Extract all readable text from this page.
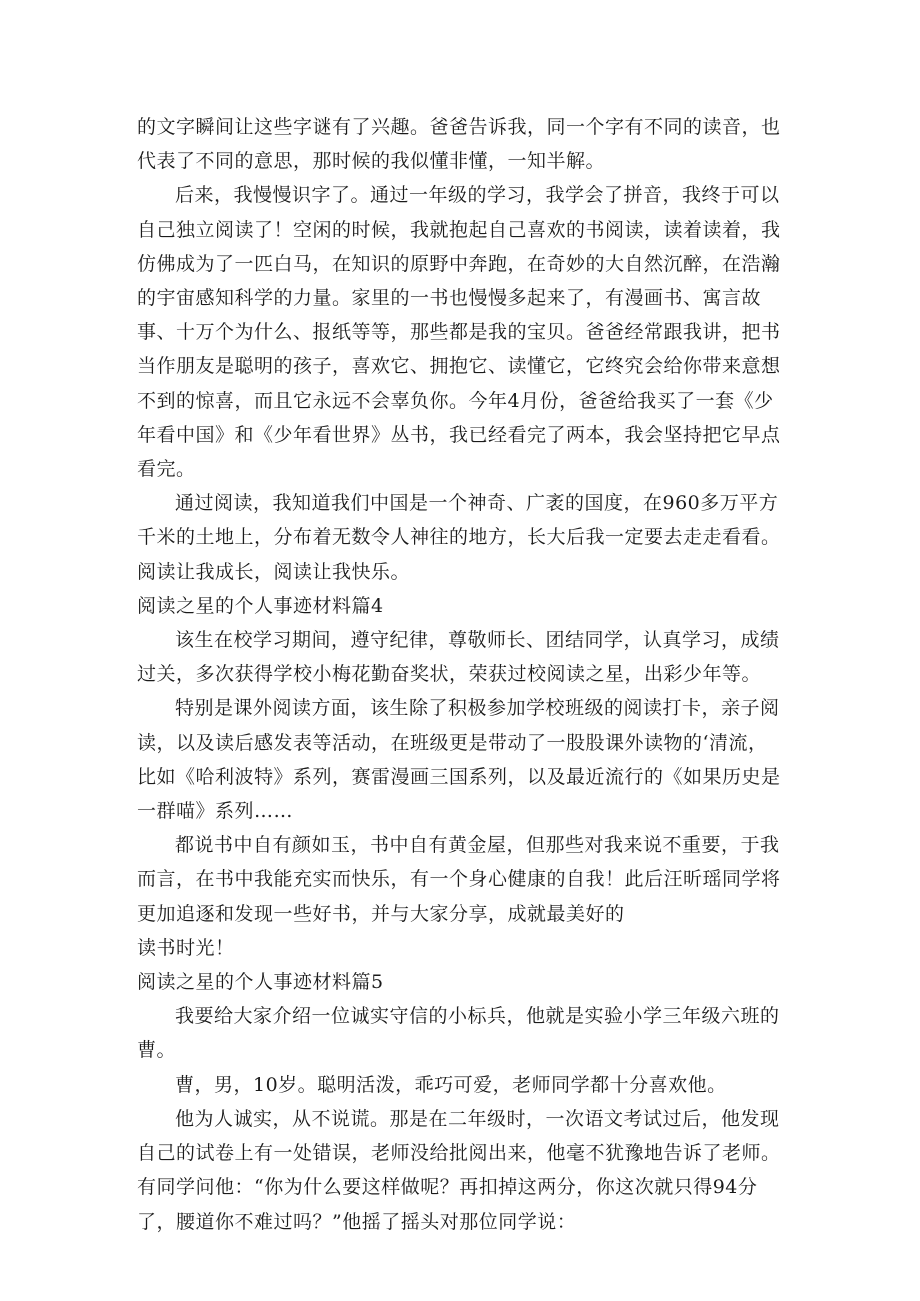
的文字瞬间让这些字谜有了兴趣。爸爸告诉我，同一个字有不同的读音，也代表了不同的意思，那时候的我似懂非懂，一知半解。

后来，我慢慢识字了。通过一年级的学习，我学会了拼音，我终于可以自己独立阅读了！空闲的时候，我就抱起自己喜欢的书阅读，读着读着，我仿佛成为了一匹白马，在知识的原野中奔跑，在奇妙的大自然沉醉，在浩瀚的宇宙感知科学的力量。家里的一书也慢慢多起来了，有漫画书、寓言故事、十万个为什么、报纸等等，那些都是我的宝贝。爸爸经常跟我讲，把书当作朋友是聪明的孩子，喜欢它、拥抱它、读懂它，它终究会给你带来意想不到的惊喜，而且它永远不会辜负你。今年4月份，爸爸给我买了一套《少年看中国》和《少年看世界》丛书，我已经看完了两本，我会坚持把它早点看完。

通过阅读，我知道我们中国是一个神奇、广袤的国度，在960多万平方千米的土地上，分布着无数令人神往的地方，长大后我一定要去走走看看。阅读让我成长，阅读让我快乐。

阅读之星的个人事迹材料篇4

该生在校学习期间，遵守纪律，尊敬师长、团结同学，认真学习，成绩过关，多次获得学校小梅花勤奋奖状，荣获过校阅读之星，出彩少年等。

特别是课外阅读方面，该生除了积极参加学校班级的阅读打卡，亲子阅读，以及读后感发表等活动，在班级更是带动了一股股课外读物的‘清流，比如《哈利波特》系列，赛雷漫画三国系列，以及最近流行的《如果历史是一群喵》系列……

都说书中自有颜如玉，书中自有黄金屋，但那些对我来说不重要，于我而言，在书中我能充实而快乐，有一个身心健康的自我！此后汪昕瑶同学将更加追逐和发现一些好书，并与大家分享，成就最美好的

读书时光！

阅读之星的个人事迹材料篇5

我要给大家介绍一位诚实守信的小标兵，他就是实验小学三年级六班的曹。

曹，男，10岁。聪明活泼，乖巧可爱，老师同学都十分喜欢他。

他为人诚实，从不说谎。那是在二年级时，一次语文考试过后，他发现自己的试卷上有一处错误，老师没给批阅出来，他毫不犹豫地告诉了老师。有同学问他：“你为什么要这样做呢？再扣掉这两分，你这次就只得94分了，腰道你不难过吗？”他摇了摇头对那位同学说：
